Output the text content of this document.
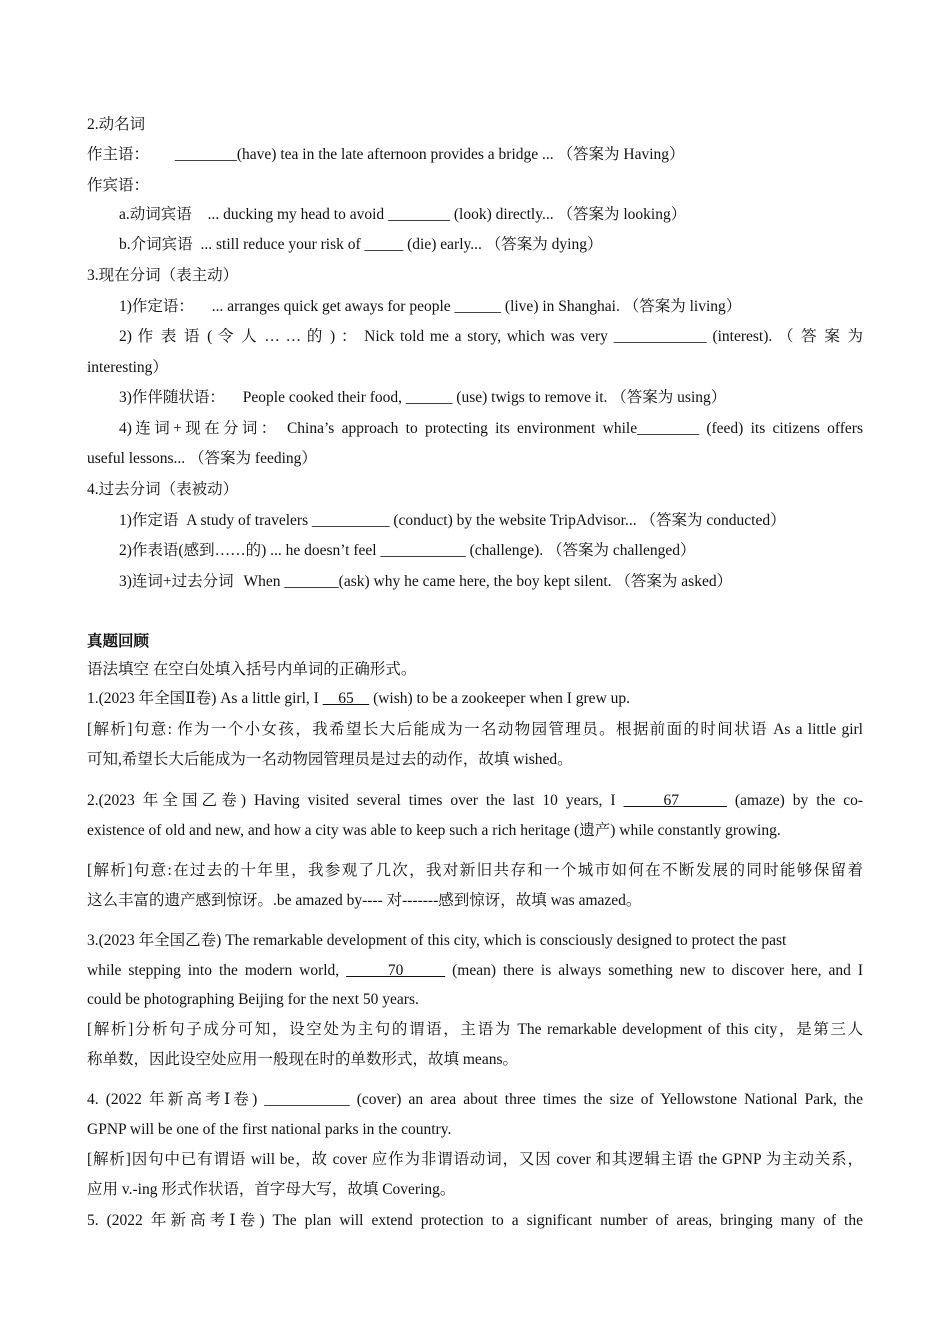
2.动名词
作主语： ________(have) tea in the late afternoon provides a bridge ... （答案为 Having）
作宾语：
a.动词宾语 ... ducking my head to avoid ________ (look) directly... （答案为 looking）
b.介词宾语 ... still reduce your risk of _____ (die) early... （答案为 dying）
3.现在分词（表主动）
1)作定语： ... arranges quick get aways for people ______ (live) in Shanghai. （答案为 living）
2) 作 表 语 ( 令 人 … … 的 ) ： Nick told me a story, which was very ____________ (interest). （ 答 案 为
interesting）
3)作伴随状语： People cooked their food, ______ (use) twigs to remove it. （答案为 using）
4)连词+现在分词： China’s approach to protecting its environment while________ (feed) its citizens offers
useful lessons... （答案为 feeding）
4.过去分词（表被动）
1)作定语 A study of travelers __________ (conduct) by the website TripAdvisor... （答案为 conducted）
2)作表语(感到……的) ... he doesn’t feel ___________ (challenge). （答案为 challenged）
3)连词+过去分词 When _______(ask) why he came here, the boy kept silent. （答案为 asked）
真题回顾
语法填空 在空白处填入括号内单词的正确形式。
1.(2023 年全国Ⅱ卷) As a little girl, I     65     (wish) to be a zookeeper when I grew up.
[解析]句意: 作为一个小女孩，我希望长大后能成为一名动物园管理员。根据前面的时间状语 As a little girl
可知,希望长大后能成为一名动物园管理员是过去的动作，故填 wished。
2.(2023 年全国乙卷) Having visited several times over the last 10 years, I      67       (amaze) by the co-
existence of old and new, and how a city was able to keep such a rich heritage (遗产) while constantly growing.
[解析]句意:在过去的十年里，我参观了几次，我对新旧共存和一个城市如何在不断发展的同时能够保留着
这么丰富的遗产感到惊讶。.be amazed by---- 对-------感到惊讶，故填 was amazed。
3.(2023 年全国乙卷) The remarkable development of this city, which is consciously designed to protect the past
while stepping into the modern world,       70       (mean) there is always something new to discover here, and I
could be photographing Beijing for the next 50 years.
[解析]分析句子成分可知，设空处为主句的谓语，主语为 The remarkable development of this city，是第三人
称单数，因此设空处应用一般现在时的单数形式，故填 means。
4. (2022 年新高考Ⅰ卷) ___________ (cover) an area about three times the size of Yellowstone National Park, the
GPNP will be one of the first national parks in the country.
[解析]因句中已有谓语 will be，故 cover 应作为非谓语动词，又因 cover 和其逻辑主语 the GPNP 为主动关系，
应用 v.-ing 形式作状语，首字母大写，故填 Covering。
5. (2022 年新高考Ⅰ卷) The plan will extend protection to a significant number of areas, bringing many of the
